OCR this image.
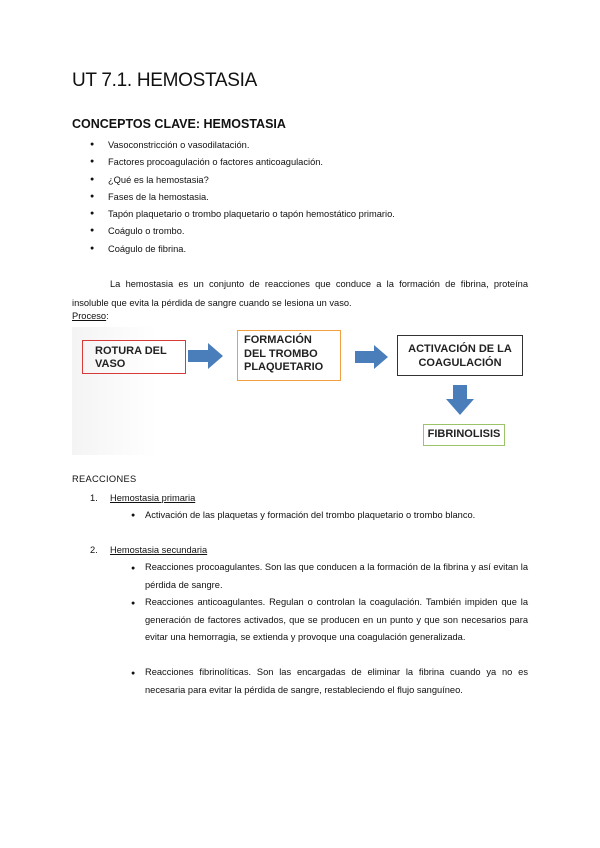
UT 7.1. HEMOSTASIA
CONCEPTOS CLAVE: HEMOSTASIA
● Vasoconstricción o vasodilatación.
● Factores procoagulación o factores anticoagulación.
● ¿Qué es la hemostasia?
● Fases de la hemostasia.
● Tapón plaquetario o trombo plaquetario o tapón hemostático primario.
● Coágulo o trombo.
● Coágulo de fibrina.
La hemostasia es un conjunto de reacciones que conduce a la formación de fibrina, proteína insoluble que evita la pérdida de sangre cuando se lesiona un vaso.
Proceso:
ROTURA DEL VASO
FORMACIÓN DEL TROMBO PLAQUETARIO
ACTIVACIÓN DE LA COAGULACIÓN
FIBRINOLISIS
REACCIONES
1. Hemostasia primaria
● Activación de las plaquetas y formación del trombo plaquetario o trombo blanco.
2. Hemostasia secundaria
● Reacciones procoagulantes. Son las que conducen a la formación de la fibrina y así evitan la pérdida de sangre.
● Reacciones anticoagulantes. Regulan o controlan la coagulación. También impiden que la generación de factores activados, que se producen en un punto y que son necesarios para evitar una hemorragia, se extienda y provoque una coagulación generalizada.
● Reacciones fibrinolíticas. Son las encargadas de eliminar la fibrina cuando ya no es necesaria para evitar la pérdida de sangre, restableciendo el flujo sanguíneo.
